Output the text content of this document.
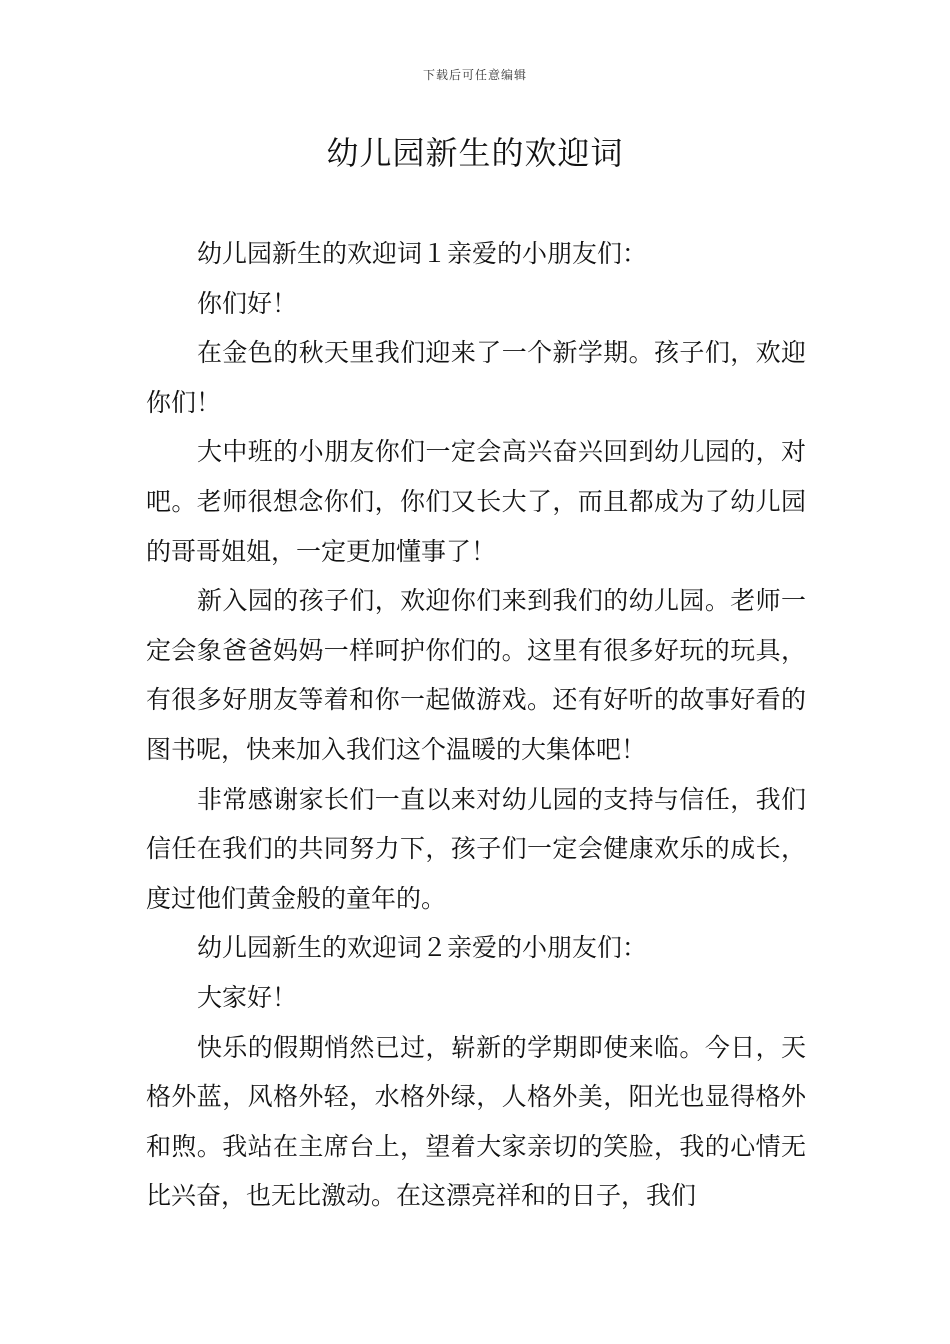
下载后可任意编辑
幼儿园新生的欢迎词

幼儿园新生的欢迎词１亲爱的小朋友们：

你们好！

在金色的秋天里我们迎来了一个新学期。孩子们，欢迎你们！

大中班的小朋友你们一定会高兴奋兴回到幼儿园的，对吧。老师很想念你们，你们又长大了，而且都成为了幼儿园的哥哥姐姐，一定更加懂事了！

新入园的孩子们，欢迎你们来到我们的幼儿园。老师一定会象爸爸妈妈一样呵护你们的。这里有很多好玩的玩具，有很多好朋友等着和你一起做游戏。还有好听的故事好看的图书呢，快来加入我们这个温暖的大集体吧！

非常感谢家长们一直以来对幼儿园的支持与信任，我们信任在我们的共同努力下，孩子们一定会健康欢乐的成长，度过他们黄金般的童年的。

幼儿园新生的欢迎词２亲爱的小朋友们：

大家好！

快乐的假期悄然已过，崭新的学期即使来临。今日，天格外蓝，风格外轻，水格外绿，人格外美，阳光也显得格外和煦。我站在主席台上，望着大家亲切的笑脸，我的心情无比兴奋，也无比激动。在这漂亮祥和的日子，我们
